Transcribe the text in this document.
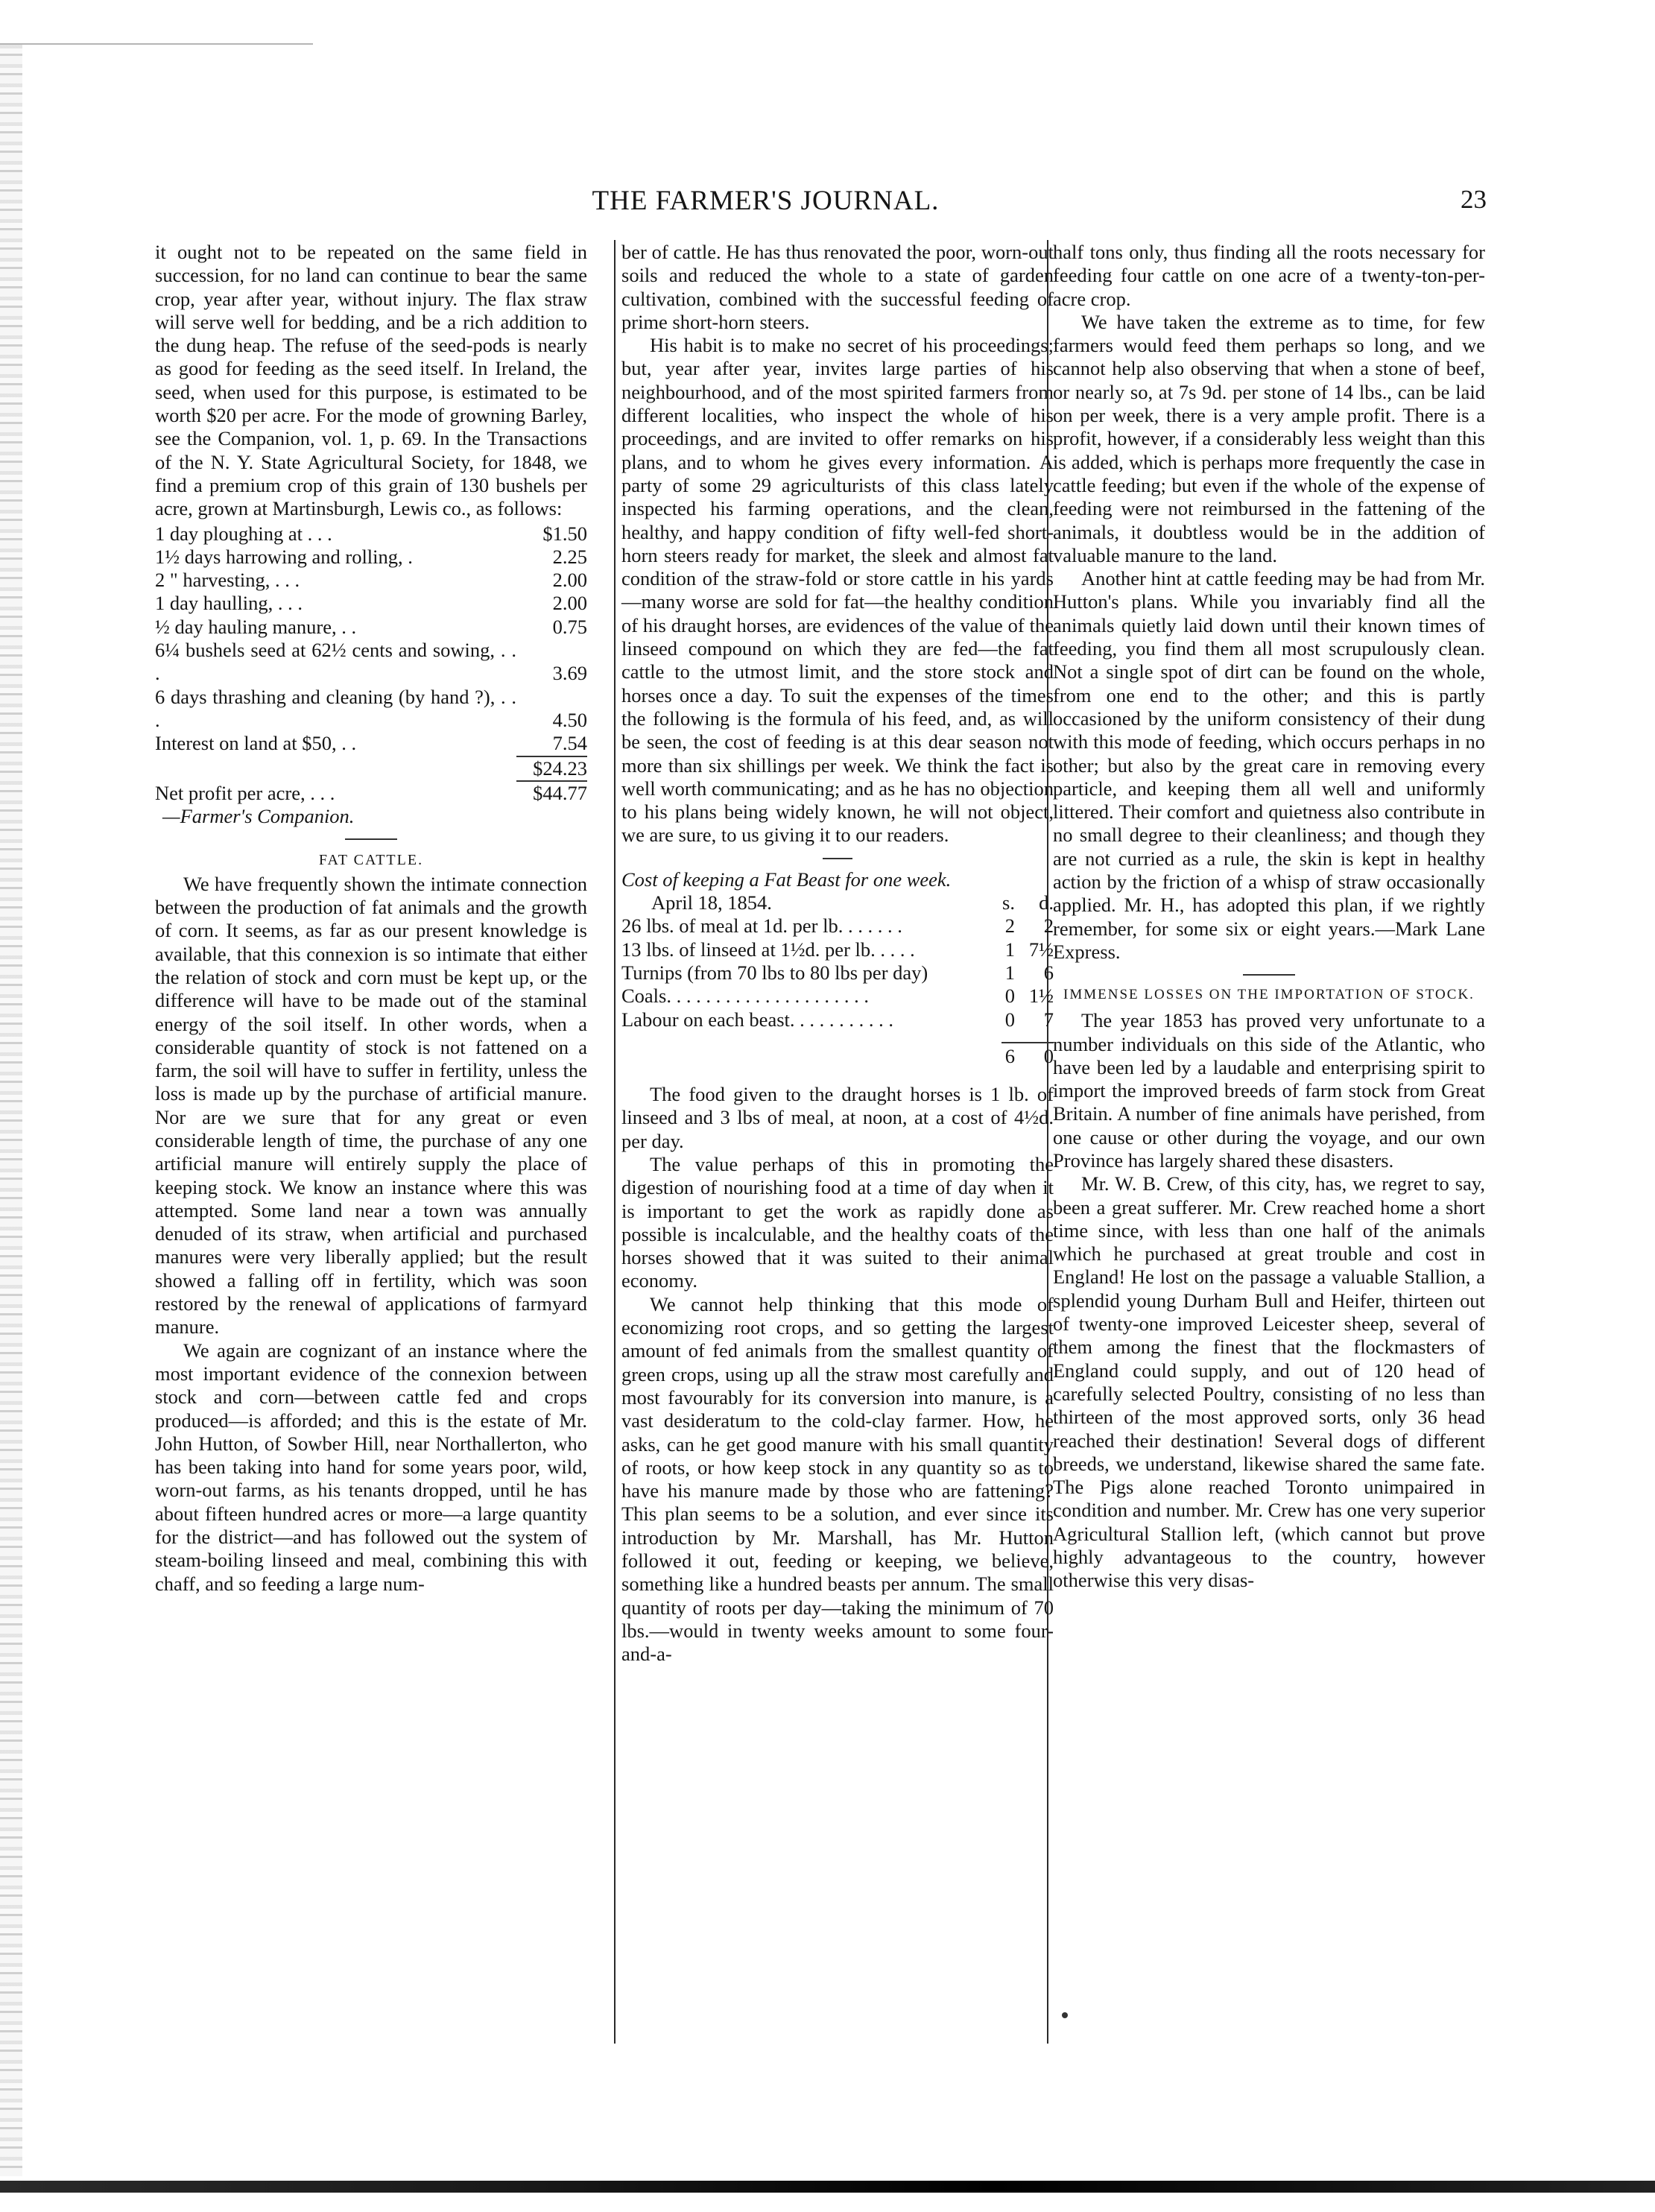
THE FARMER'S JOURNAL.	23

it ought not to be repeated on the same field in succession, for no land can continue to bear the same crop, year after year, without injury. The flax straw will serve well for bedding, and be a rich addition to the dung heap. The refuse of the seed-pods is nearly as good for feeding as the seed itself. In Ireland, the seed, when used for this purpose, is estimated to be worth $20 per acre. For the mode of growning Barley, see the Companion, vol. 1, p. 69. In the Transactions of the N. Y. State Agricultural Society, for 1848, we find a premium crop of this grain of 130 bushels per acre, grown at Martinsburgh, Lewis co., as follows:

1 day ploughing at . . .	$1.50
1½ days harrowing and rolling, .	2.25
2 " harvesting, . . .	2.00
1 day haulling, . . .	2.00
½ day hauling manure, . .	0.75
6¼ bushels seed at 62½ cents and sowing, . . .	3.69
6 days thrashing and cleaning (by hand ?), . . .	4.50
Interest on land at $50, . .	7.54

$24.23

Net profit per acre, . . .	$44.77

—Farmer's Companion.

FAT CATTLE.

We have frequently shown the intimate connection between the production of fat animals and the growth of corn. It seems, as far as our present knowledge is available, that this connexion is so intimate that either the relation of stock and corn must be kept up, or the difference will have to be made out of the staminal energy of the soil itself. In other words, when a considerable quantity of stock is not fattened on a farm, the soil will have to suffer in fertility, unless the loss is made up by the purchase of artificial manure. Nor are we sure that for any great or even considerable length of time, the purchase of any one artificial manure will entirely supply the place of keeping stock. We know an instance where this was attempted. Some land near a town was annually denuded of its straw, when artificial and purchased manures were very liberally applied; but the result showed a falling off in fertility, which was soon restored by the renewal of applications of farmyard manure.

We again are cognizant of an instance where the most important evidence of the connexion between stock and corn—between cattle fed and crops produced—is afforded; and this is the estate of Mr. John Hutton, of Sowber Hill, near Northallerton, who has been taking into hand for some years poor, wild, worn-out farms, as his tenants dropped, until he has about fifteen hundred acres or more—a large quantity for the district—and has followed out the system of steam-boiling linseed and meal, combining this with chaff, and so feeding a large num-

ber of cattle. He has thus renovated the poor, worn-out soils and reduced the whole to a state of garden cultivation, combined with the successful feeding of prime short-horn steers.

His habit is to make no secret of his proceedings; but, year after year, invites large parties of his neighbourhood, and of the most spirited farmers from different localities, who inspect the whole of his proceedings, and are invited to offer remarks on his plans, and to whom he gives every information. A party of some 29 agriculturists of this class lately inspected his farming operations, and the clean, healthy, and happy condition of fifty well-fed short-horn steers ready for market, the sleek and almost fat condition of the straw-fold or store cattle in his yards—many worse are sold for fat—the healthy condition of his draught horses, are evidences of the value of the linseed compound on which they are fed—the fat cattle to the utmost limit, and the store stock and horses once a day. To suit the expenses of the times the following is the formula of his feed, and, as will be seen, the cost of feeding is at this dear season not more than six shillings per week. We think the fact is well worth communicating; and as he has no objection to his plans being widely known, he will not object, we are sure, to us giving it to our readers.

Cost of keeping a Fat Beast for one week.

April 18, 1854.	s.	d.
26 lbs. of meal at 1d. per lb. . . . . . .	2	2
13 lbs. of linseed at 1½d. per lb. . . . .	1	7½
Turnips (from 70 lbs to 80 lbs per day)	1	6
Coals. . . . . . . . . . . . . . . . . . . . .	0	1½
Labour on each beast. . . . . . . . . . .	0	7

	6	0

The food given to the draught horses is 1 lb. of linseed and 3 lbs of meal, at noon, at a cost of 4½d. per day.

The value perhaps of this in promoting the digestion of nourishing food at a time of day when it is important to get the work as rapidly done as possible is incalculable, and the healthy coats of the horses showed that it was suited to their animal economy.

We cannot help thinking that this mode of economizing root crops, and so getting the largest amount of fed animals from the smallest quantity of green crops, using up all the straw most carefully and most favourably for its conversion into manure, is a vast desideratum to the cold-clay farmer. How, he asks, can he get good manure with his small quantity of roots, or how keep stock in any quantity so as to have his manure made by those who are fattening? This plan seems to be a solution, and ever since its introduction by Mr. Marshall, has Mr. Hutton followed it out, feeding or keeping, we believe, something like a hundred beasts per annum. The small quantity of roots per day—taking the minimum of 70 lbs.—would in twenty weeks amount to some four-and-a-

half tons only, thus finding all the roots necessary for feeding four cattle on one acre of a twenty-ton-per-acre crop.

We have taken the extreme as to time, for few farmers would feed them perhaps so long, and we cannot help also observing that when a stone of beef, or nearly so, at 7s 9d. per stone of 14 lbs., can be laid on per week, there is a very ample profit. There is a profit, however, if a considerably less weight than this is added, which is perhaps more frequently the case in cattle feeding; but even if the whole of the expense of feeding were not reimbursed in the fattening of the animals, it doubtless would be in the addition of valuable manure to the land.

Another hint at cattle feeding may be had from Mr. Hutton's plans. While you invariably find all the animals quietly laid down until their known times of feeding, you find them all most scrupulously clean. Not a single spot of dirt can be found on the whole, from one end to the other; and this is partly occasioned by the uniform consistency of their dung with this mode of feeding, which occurs perhaps in no other; but also by the great care in removing every particle, and keeping them all well and uniformly littered. Their comfort and quietness also contribute in no small degree to their cleanliness; and though they are not curried as a rule, the skin is kept in healthy action by the friction of a whisp of straw occasionally applied. Mr. H., has adopted this plan, if we rightly remember, for some six or eight years.—Mark Lane Express.

IMMENSE LOSSES ON THE IMPORTATION OF STOCK.

The year 1853 has proved very unfortunate to a number individuals on this side of the Atlantic, who have been led by a laudable and enterprising spirit to import the improved breeds of farm stock from Great Britain. A number of fine animals have perished, from one cause or other during the voyage, and our own Province has largely shared these disasters.

Mr. W. B. Crew, of this city, has, we regret to say, been a great sufferer. Mr. Crew reached home a short time since, with less than one half of the animals which he purchased at great trouble and cost in England! He lost on the passage a valuable Stallion, a splendid young Durham Bull and Heifer, thirteen out of twenty-one improved Leicester sheep, several of them among the finest that the flockmasters of England could supply, and out of 120 head of carefully selected Poultry, consisting of no less than thirteen of the most approved sorts, only 36 head reached their destination! Several dogs of different breeds, we understand, likewise shared the same fate. The Pigs alone reached Toronto unimpaired in condition and number. Mr. Crew has one very superior Agricultural Stallion left, (which cannot but prove highly advantageous to the country, however otherwise this very disas-
